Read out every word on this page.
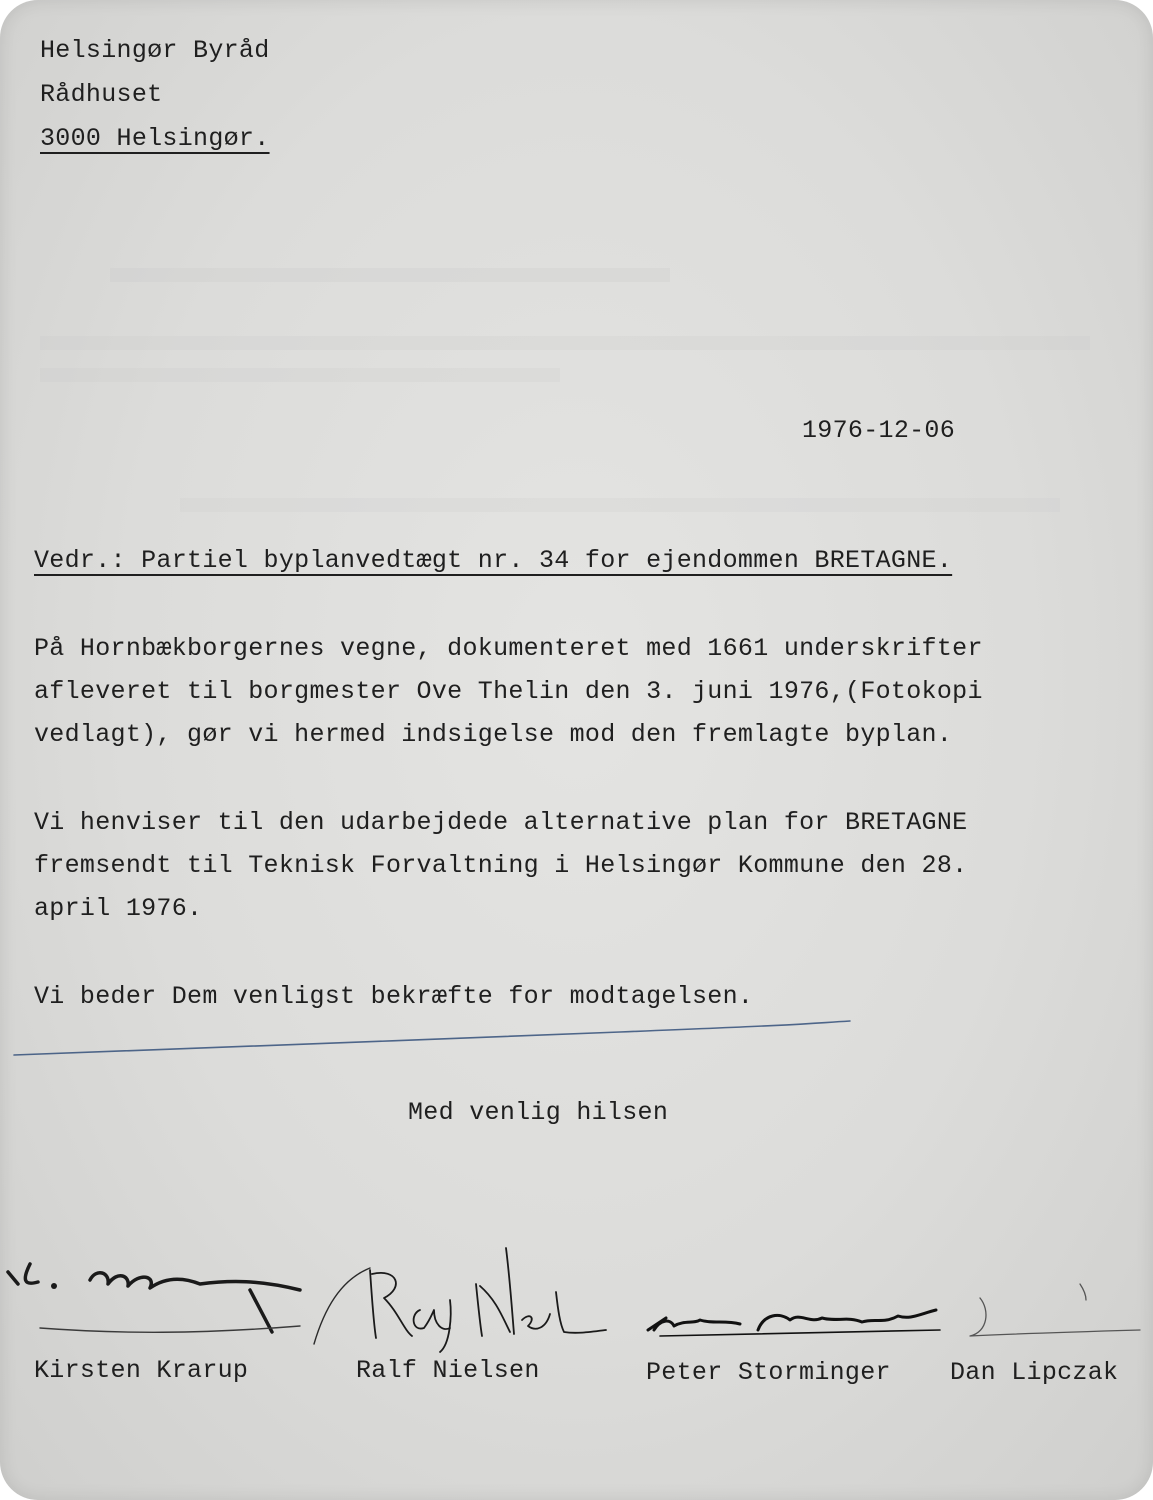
Helsingør Byråd
Rådhuset
3000 Helsingør.
1976-12-06
Vedr.: Partiel byplanvedtægt nr. 34 for ejendommen BRETAGNE.
På Hornbækborgernes vegne, dokumenteret med 1661 underskrifter
afleveret til borgmester Ove Thelin den 3. juni 1976,(Fotokopi
vedlagt), gør vi hermed indsigelse mod den fremlagte byplan.
Vi henviser til den udarbejdede alternative plan for BRETAGNE
fremsendt til Teknisk Forvaltning i Helsingør Kommune den 28.
april 1976.
Vi beder Dem venligst bekræfte for modtagelsen.
Med venlig hilsen
Kirsten Krarup	Ralf Nielsen	Peter Storminger Dan Lipczak
